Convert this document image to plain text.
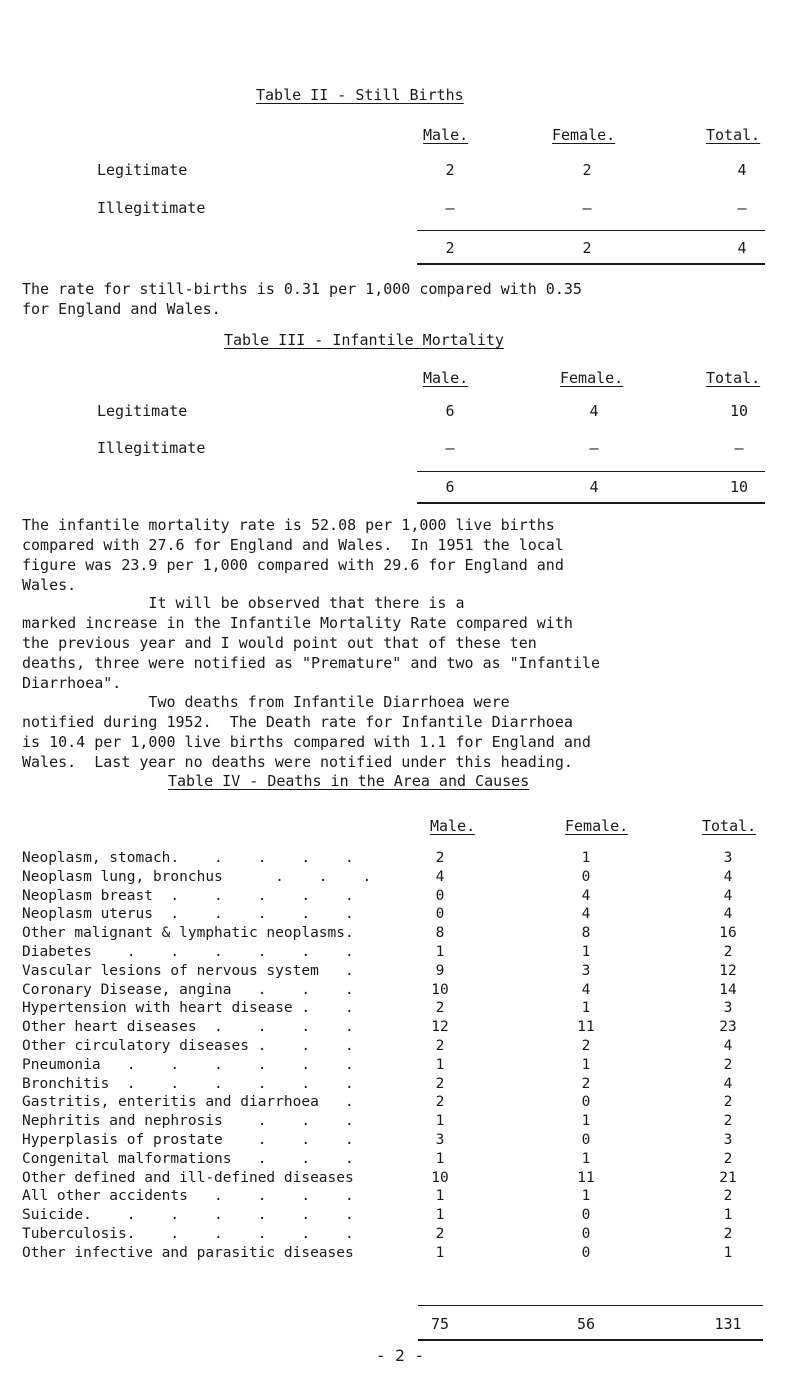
Table II - Still Births
Male.	Female.	Total.
Legitimate	2	2	4
Illegitimate	–	–	–
2	2	4
The rate for still-births is 0.31 per 1,000 compared with 0.35
for England and Wales.
Table III - Infantile Mortality
Male.	Female.	Total.
Legitimate	6	4	10
Illegitimate	–	–	–
6	4	10
The infantile mortality rate is 52.08 per 1,000 live births
compared with 27.6 for England and Wales.  In 1951 the local
figure was 23.9 per 1,000 compared with 29.6 for England and
Wales.
It will be observed that there is a
marked increase in the Infantile Mortality Rate compared with
the previous year and I would point out that of these ten
deaths, three were notified as "Premature" and two as "Infantile
Diarrhoea".
Two deaths from Infantile Diarrhoea were
notified during 1952.  The Death rate for Infantile Diarrhoea
is 10.4 per 1,000 live births compared with 1.1 for England and
Wales.  Last year no deaths were notified under this heading.
Table IV - Deaths in the Area and Causes
Male.	Female.	Total.
Neoplasm, stomach.    .    .    .    .	2	1	3
Neoplasm lung, bronchus      .    .    .	4	0	4
Neoplasm breast  .    .    .    .    .	0	4	4
Neoplasm uterus  .    .    .    .    .	0	4	4
Other malignant & lymphatic neoplasms.	8	8	16
Diabetes    .    .    .    .    .    .	1	1	2
Vascular lesions of nervous system   .	9	3	12
Coronary Disease, angina   .    .    .	10	4	14
Hypertension with heart disease .    .	2	1	3
Other heart diseases  .    .    .    .	12	11	23
Other circulatory diseases .    .    .	2	2	4
Pneumonia   .    .    .    .    .    .	1	1	2
Bronchitis  .    .    .    .    .    .	2	2	4
Gastritis, enteritis and diarrhoea   .	2	0	2
Nephritis and nephrosis    .    .    .	1	1	2
Hyperplasis of prostate    .    .    .	3	0	3
Congenital malformations   .    .    .	1	1	2
Other defined and ill-defined diseases	10	11	21
All other accidents   .    .    .    .	1	1	2
Suicide.    .    .    .    .    .    .	1	0	1
Tuberculosis.    .    .    .    .    .	2	0	2
Other infective and parasitic diseases	1	0	1
75	56	131
- 2 -
